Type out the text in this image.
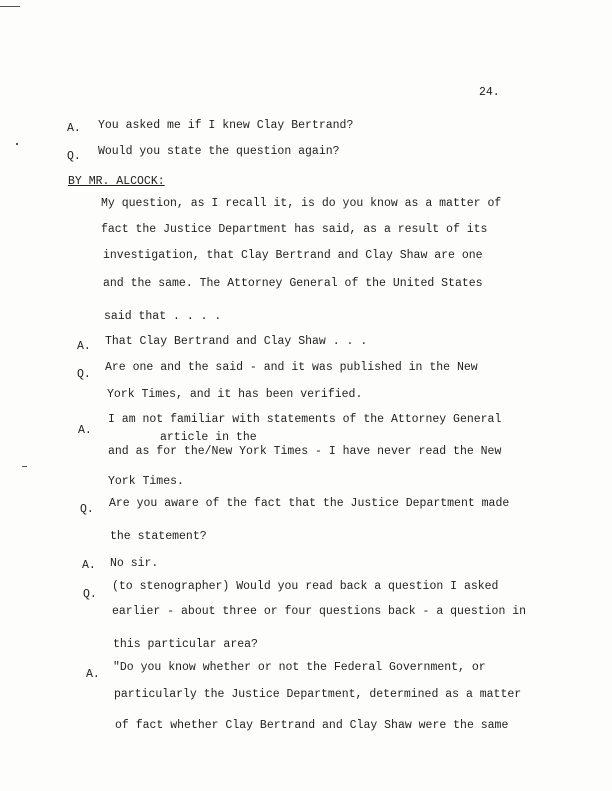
24.
A. You asked me if I knew Clay Bertrand?
Q. Would you state the question again?
BY MR. ALCOCK:
My question, as I recall it, is do you know as a matter of
fact the Justice Department has said, as a result of its
investigation, that Clay Bertrand and Clay Shaw are one
and the same. The Attorney General of the United States
said that . . . .
A. That Clay Bertrand and Clay Shaw . . .
Q.
Are one and the said - and it was published in the New
York Times, and it has been verified.
A.
I am not familiar with statements of the Attorney General
article in the
and as for the/New York Times - I have never read the New
York Times.
Q. Are you aware of the fact that the Justice Department made
the statement?
A. No sir.
Q.
(to stenographer) Would you read back a question I asked
earlier - about three or four questions back - a question in
this particular area?
A.
"Do you know whether or not the Federal Government, or
particularly the Justice Department, determined as a matter
of fact whether Clay Bertrand and Clay Shaw were the same
